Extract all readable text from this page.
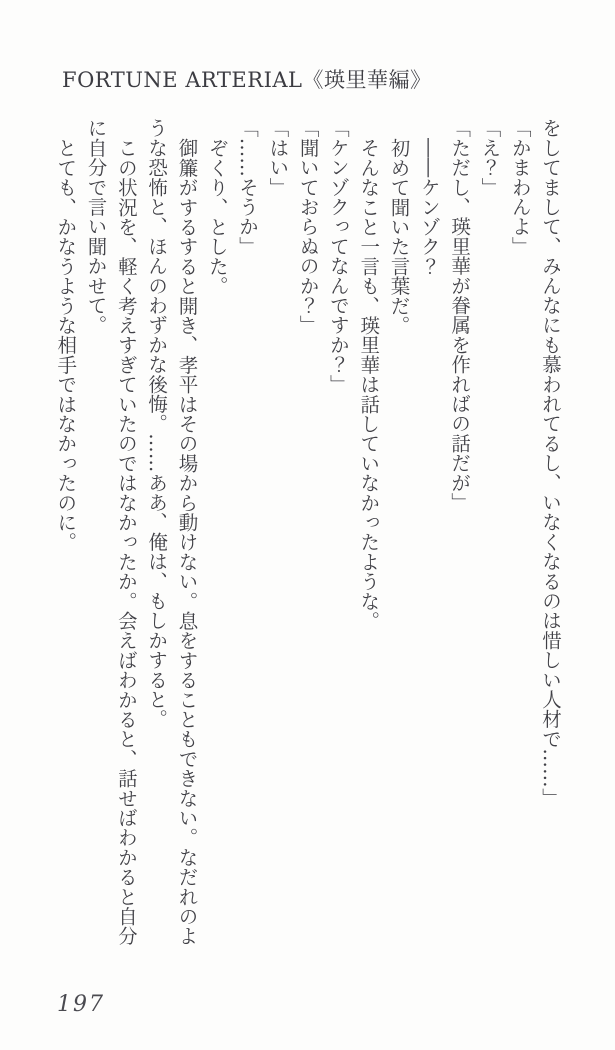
FORTUNE ARTERIAL《瑛里華編》
をしてまして、みんなにも慕われてるし、いなくなるのは惜しい人材で……」
「かまわんよ」
「え？」
「ただし、瑛里華が眷属を作ればの話だが」
――ケンゾク？
初めて聞いた言葉だ。
そんなこと一言も、瑛里華は話していなかったような。
「ケンゾクってなんですか？」
「聞いておらぬのか？」
「はい」
「……そうか」
ぞくり、とした。
御簾がするすると開き、孝平はその場から動けない。息をすることもできない。なだれのよ
うな恐怖と、ほんのわずかな後悔。……ああ、俺は、もしかすると。
この状況を、軽く考えすぎていたのではなかったか。会えばわかると、話せばわかると自分
に自分で言い聞かせて。
とても、かなうような相手ではなかったのに。
197
